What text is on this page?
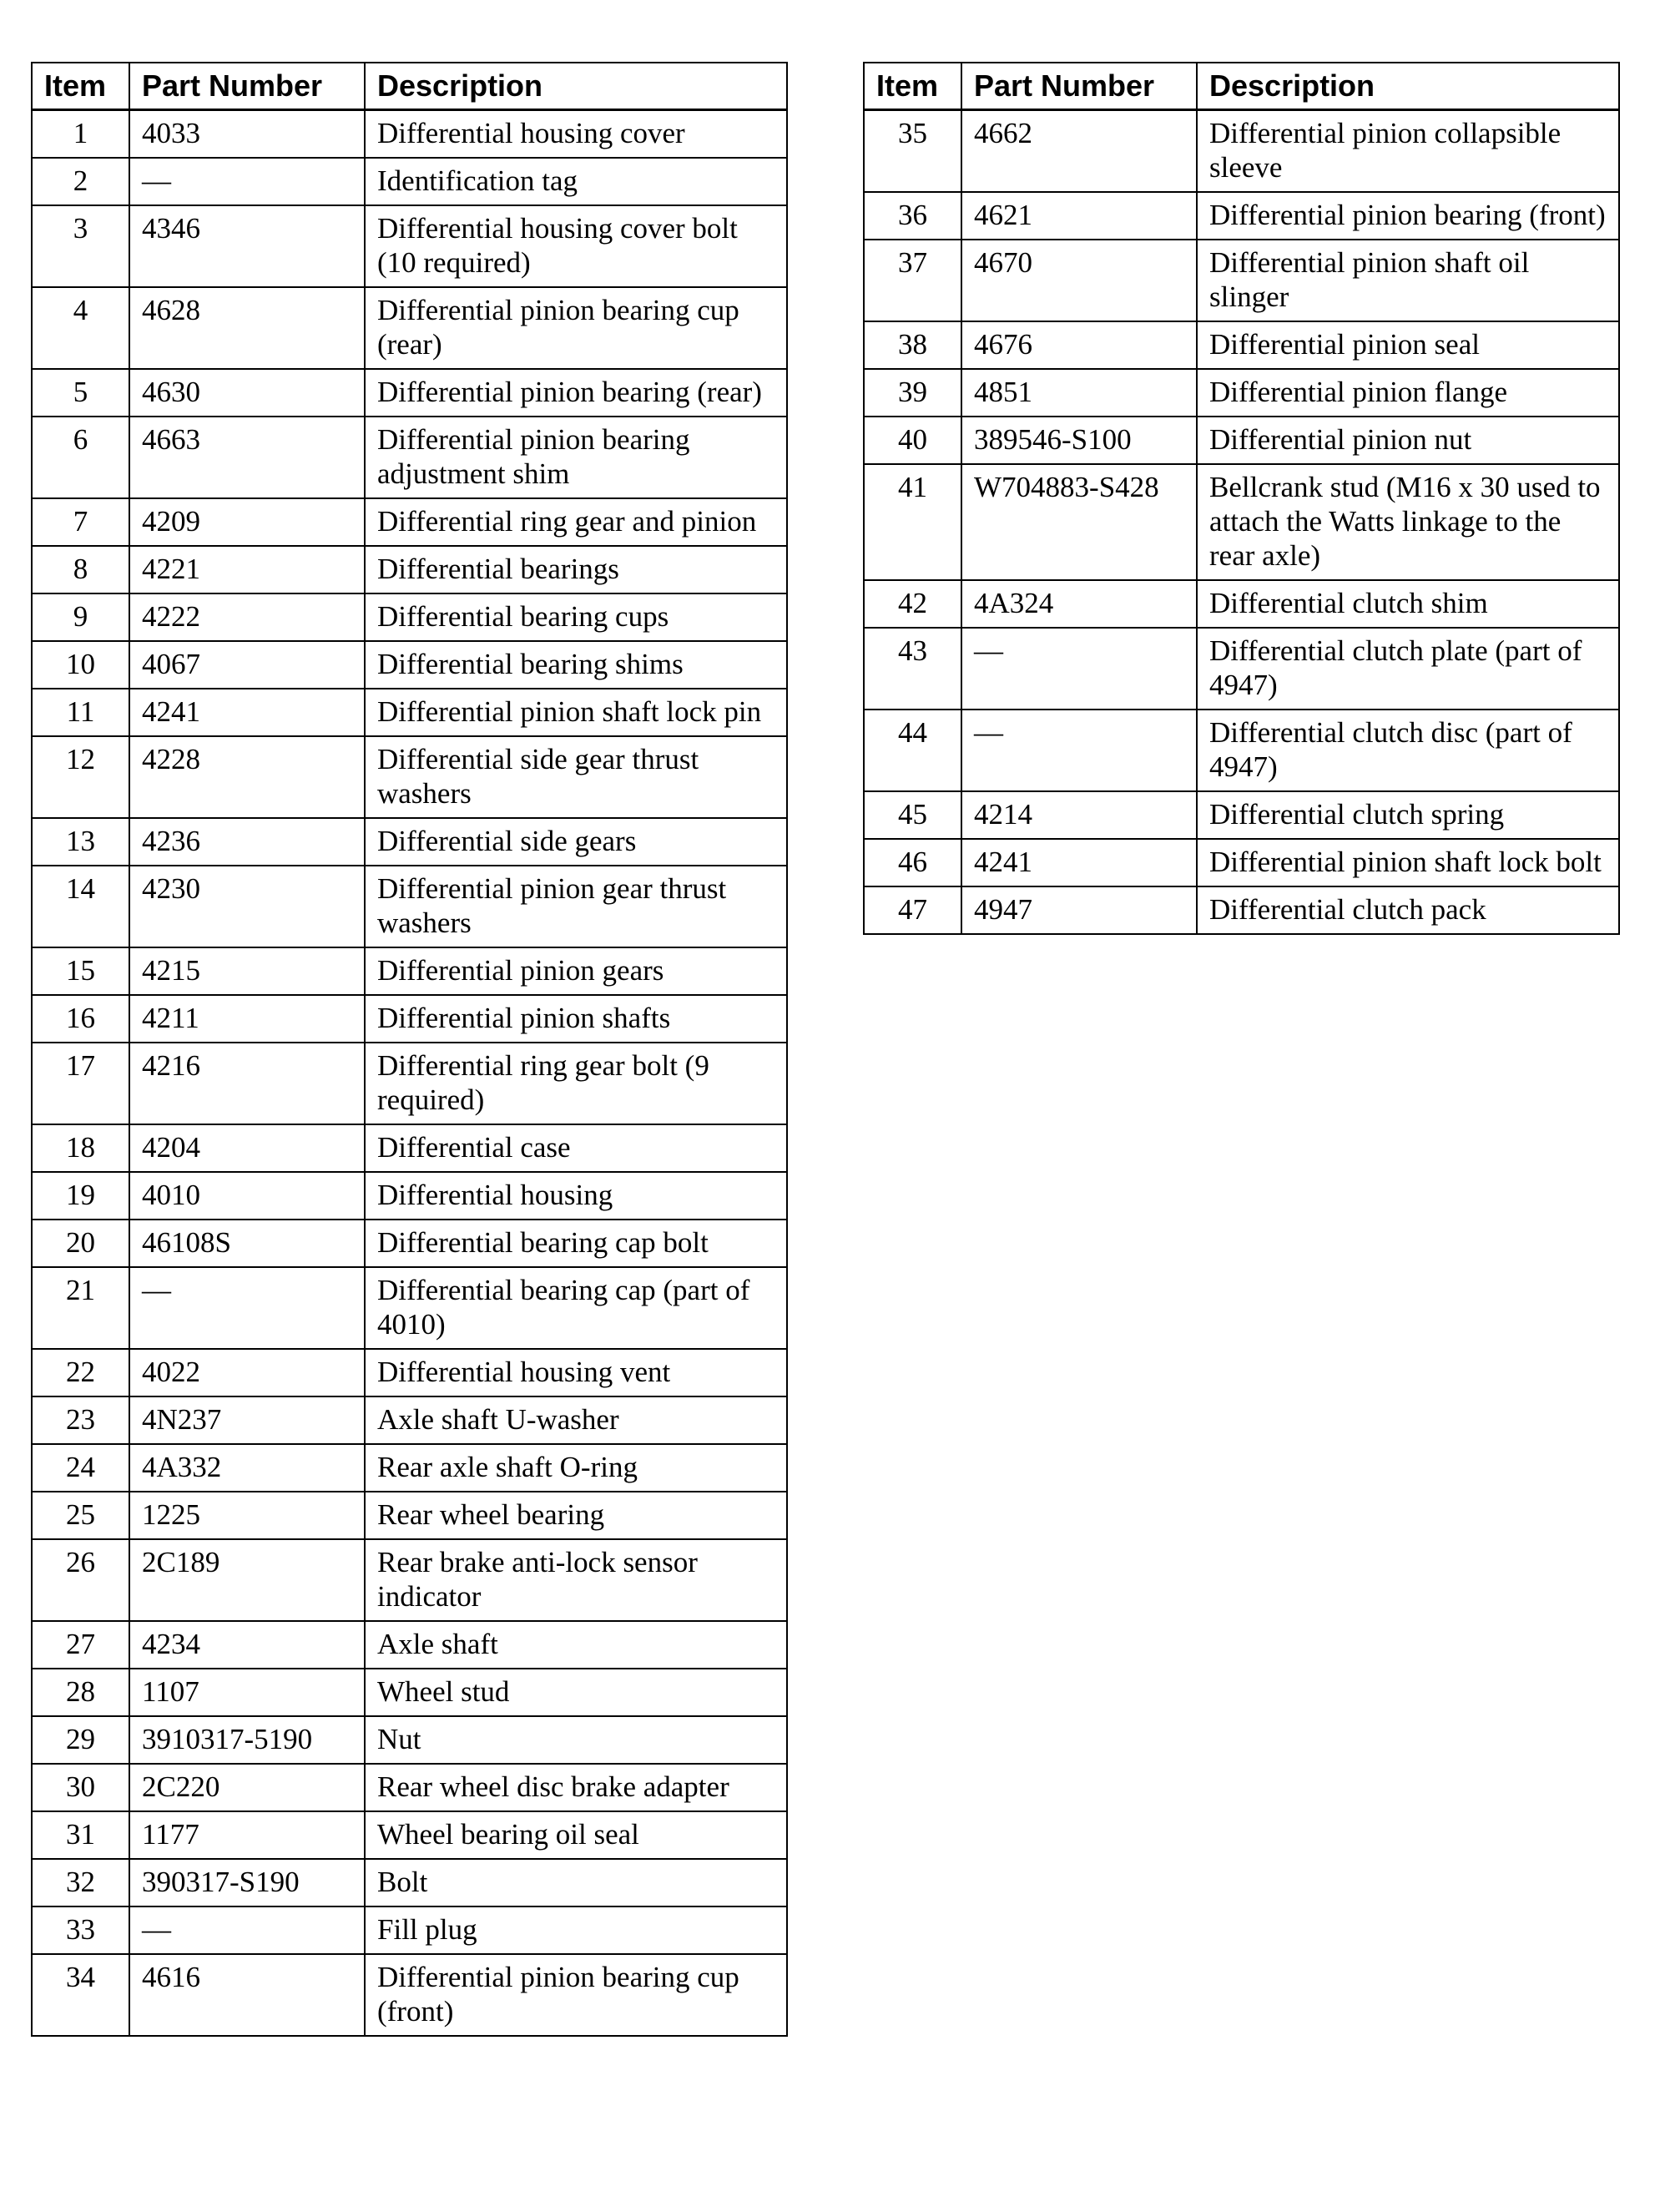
Item	Part Number	Description
1	4033	Differential housing cover
2	—	Identification tag
3	4346	Differential housing cover bolt (10 required)
4	4628	Differential pinion bearing cup (rear)
5	4630	Differential pinion bearing (rear)
6	4663	Differential pinion bearing adjustment shim
7	4209	Differential ring gear and pinion
8	4221	Differential bearings
9	4222	Differential bearing cups
10	4067	Differential bearing shims
11	4241	Differential pinion shaft lock pin
12	4228	Differential side gear thrust washers
13	4236	Differential side gears
14	4230	Differential pinion gear thrust washers
15	4215	Differential pinion gears
16	4211	Differential pinion shafts
17	4216	Differential ring gear bolt (9 required)
18	4204	Differential case
19	4010	Differential housing
20	46108S	Differential bearing cap bolt
21	—	Differential bearing cap (part of 4010)
22	4022	Differential housing vent
23	4N237	Axle shaft U-washer
24	4A332	Rear axle shaft O-ring
25	1225	Rear wheel bearing
26	2C189	Rear brake anti-lock sensor indicator
27	4234	Axle shaft
28	1107	Wheel stud
29	3910317-5190	Nut
30	2C220	Rear wheel disc brake adapter
31	1177	Wheel bearing oil seal
32	390317-S190	Bolt
33	—	Fill plug
34	4616	Differential pinion bearing cup (front)
Item	Part Number	Description
35	4662	Differential pinion collapsible sleeve
36	4621	Differential pinion bearing (front)
37	4670	Differential pinion shaft oil slinger
38	4676	Differential pinion seal
39	4851	Differential pinion flange
40	389546-S100	Differential pinion nut
41	W704883-S428	Bellcrank stud (M16 x 30 used to attach the Watts linkage to the rear axle)
42	4A324	Differential clutch shim
43	—	Differential clutch plate (part of 4947)
44	—	Differential clutch disc (part of 4947)
45	4214	Differential clutch spring
46	4241	Differential pinion shaft lock bolt
47	4947	Differential clutch pack
